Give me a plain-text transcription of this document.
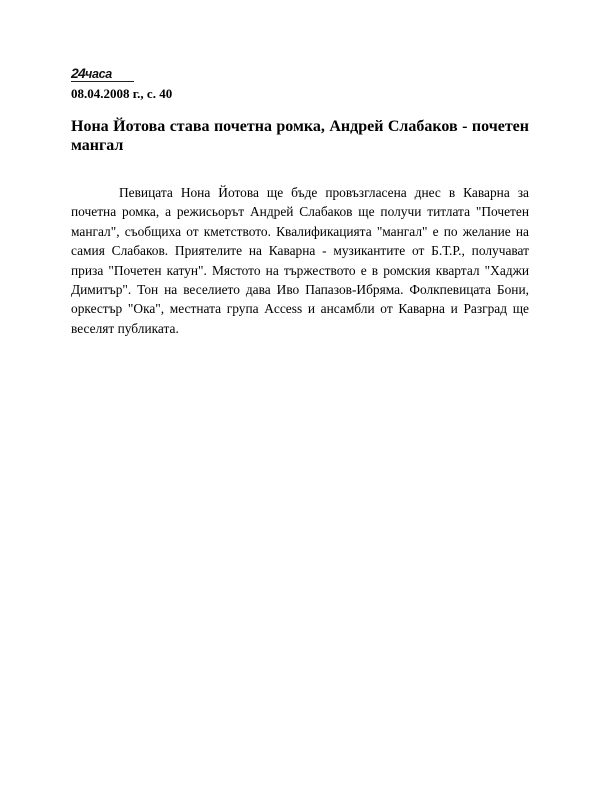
24часа
08.04.2008 г., с. 40
Нона Йотова става почетна ромка, Андрей Слабаков - почетен мангал

Певицата Нона Йотова ще бъде провъзгласена днес в Каварна за почетна ромка, а режисьорът Андрей Слабаков ще получи титлата "Почетен мангал", съобщиха от кметството. Квалификацията "мангал" е по желание на самия Слабаков. Приятелите на Каварна - музикантите от Б.Т.Р., получават приза "Почетен катун". Мястото на тържеството е в ромския квартал "Хаджи Димитър". Тон на веселието дава Иво Папазов-Ибряма. Фолкпевицата Бони, оркестър "Ока", местната група Access и ансамбли от Каварна и Разград ще веселят публиката.
